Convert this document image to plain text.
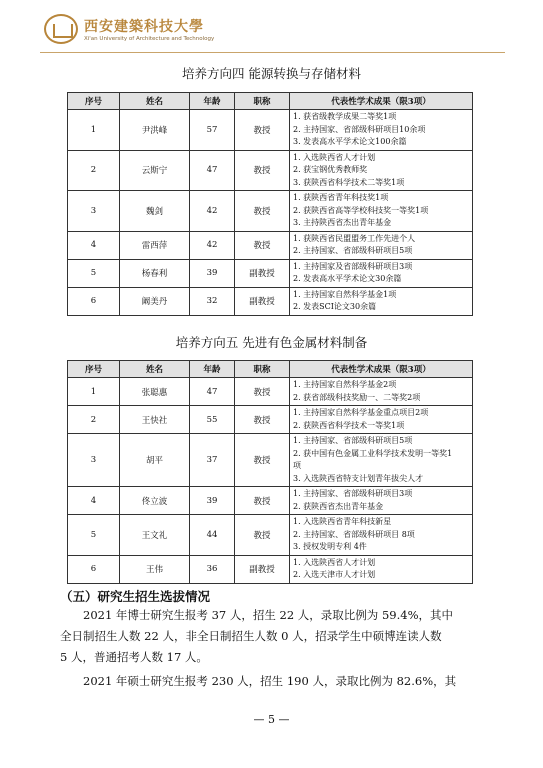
西安建築科技大學
Xi'an University of Architecture and Technology
培养方向四 能源转换与存储材料
序号	姓名	年龄	职称	代表性学术成果（限3项）
1	尹洪峰	57	教授	1. 获省级教学成果二等奖1项
2. 主持国家、省部级科研项目10余项
3. 发表高水平学术论文100余篇

2	云斯宁	47	教授	1. 入选陕西省人才计划
2. 获宝钢优秀教师奖
3. 获陕西省科学技术二等奖1项

3	魏剑	42	教授	1. 获陕西省青年科技奖1项
2. 获陕西省高等学校科技奖一等奖1项
3. 主持陕西省杰出青年基金

4	雷西萍	42	教授	1. 获陕西省民盟盟务工作先进个人
2. 主持国家、省部级科研项目5项

5	杨春利	39	副教授	1. 主持国家及省部级科研项目3项
2. 发表高水平学术论文30余篇

6	阚美丹	32	副教授	1. 主持国家自然科学基金1项
2. 发表SCI论文30余篇
培养方向五 先进有色金属材料制备
序号	姓名	年龄	职称	代表性学术成果（限3项）
1	张聪惠	47	教授	1. 主持国家自然科学基金2项
2. 获省部级科技奖励一、二等奖2项

2	王快社	55	教授	1. 主持国家自然科学基金重点项目2项
2. 获陕西省科学技术一等奖1项

3	胡平	37	教授	1. 主持国家、省部级科研项目5项
2. 获中国有色金属工业科学技术发明一等奖1
项
3. 入选陕西省特支计划青年拔尖人才

4	佟立波	39	教授	1. 主持国家、省部级科研项目3项
2. 获陕西省杰出青年基金

5	王文礼	44	教授	1. 入选陕西省青年科技新星
2. 主持国家、省部级科研项目 8项
3. 授权发明专利 4件

6	王伟	36	副教授	1. 入选陕西省人才计划
2. 入选天津市人才计划
（五）研究生招生选拔情况
2021 年博士研究生报考 37 人，招生 22 人，录取比例为 59.4%，其中
全日制招生人数 22 人，非全日制招生人数 0 人，招录学生中硕博连读人数
5 人，普通招考人数 17 人。
2021 年硕士研究生报考 230 人，招生 190 人，录取比例为 82.6%，其
— 5 —
